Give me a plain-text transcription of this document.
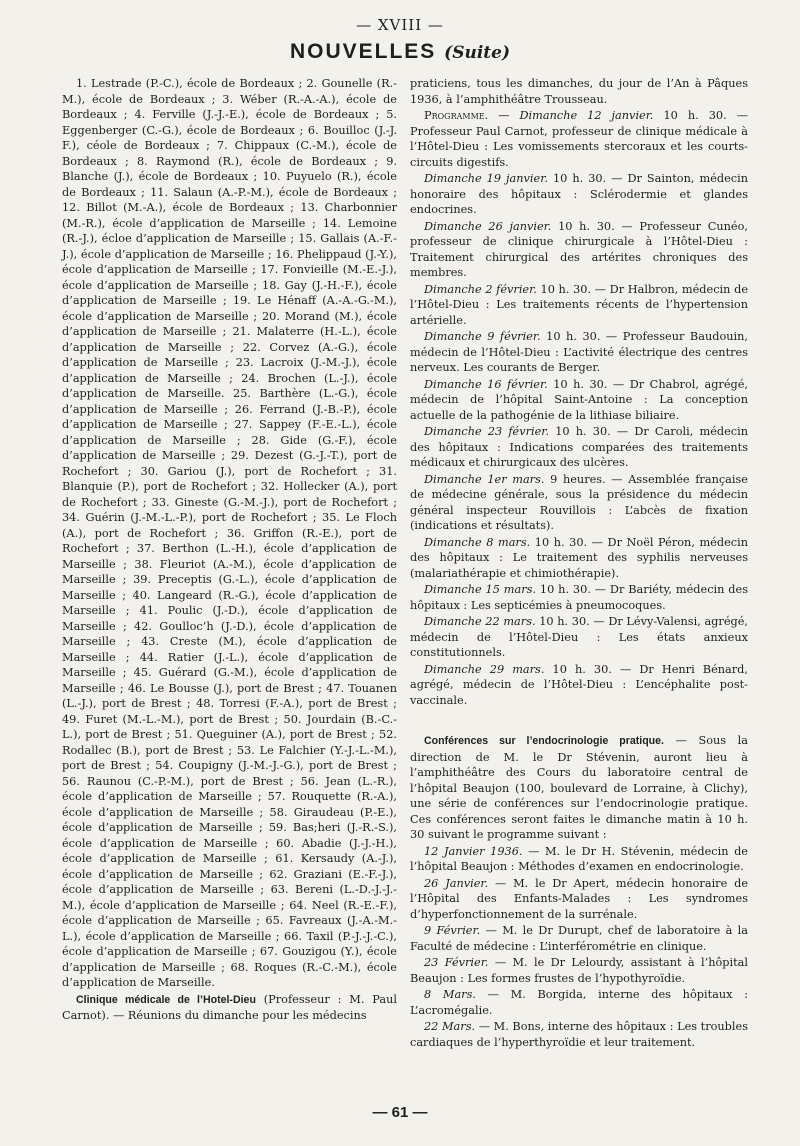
— XVIII —
NOUVELLES (Suite)

1. Lestrade (P.-C.), école de Bordeaux ; 2. Gounelle (R.-M.), école de Bordeaux ; 3. Wéber (R.-A.-A.), école de Bordeaux ; 4. Ferville (J.-J.-E.), école de Bordeaux ; 5. Eggenberger (C.-G.), école de Bordeaux ; 6. Bouilloc (J.-J. F.), céole de Bordeaux ; 7. Chippaux (C.-M.), école de Bordeaux ; 8. Raymond (R.), école de Bordeaux ; 9. Blanche (J.), école de Bordeaux ; 10. Puyuelo (R.), école de Bordeaux ; 11. Salaun (A.-P.-M.), école de Bordeaux ; 12. Billot (M.-A.), école de Bordeaux ; 13. Charbonnier (M.-R.), école d’application de Marseille ; 14. Lemoine (R.-J.), écloe d’application de Marseille ; 15. Gallais (A.-F.-J.), école d’application de Marseille ; 16. Phelippaud (J.-Y.), école d’application de Marseille ; 17. Fonvieille (M.-E.-J.), école d’application de Marseille ; 18. Gay (J.-H.-F.), école d’application de Marseille ; 19. Le Hénaff (A.-A.-G.-M.), école d’application de Marseille ; 20. Morand (M.), école d’application de Marseille ; 21. Malaterre (H.-L.), école d’application de Marseille ; 22. Corvez (A.-G.), école d’application de Marseille ; 23. Lacroix (J.-M.-J.), école d’application de Marseille ; 24. Brochen (L.-J.), école d’application de Marseille. 25. Barthère (L.-G.), école d’application de Marseille ; 26. Ferrand (J.-B.-P.), école d’application de Marseille ; 27. Sappey (F.-E.-L.), école d’application de Marseille ; 28. Gide (G.-F.), école d’application de Marseille ; 29. Dezest (G.-J.-T.), port de Rochefort ; 30. Gariou (J.), port de Rochefort ; 31. Blanquie (P.), port de Rochefort ; 32. Hollecker (A.), port de Rochefort ; 33. Gineste (G.-M.-J.), port de Rochefort ; 34. Guérin (J.-M.-L.-P.), port de Rochefort ; 35. Le Floch (A.), port de Rochefort ; 36. Griffon (R.-E.), port de Rochefort ; 37. Berthon (L.-H.), école d’application de Marseille ; 38. Fleuriot (A.-M.), école d’application de Marseille ; 39. Preceptis (G.-L.), école d’application de Marseille ; 40. Langeard (R.-G.), école d’application de Marseille ; 41. Poulic (J.-D.), école d’application de Marseille ; 42. Goulloc’h (J.-D.), école d’application de Marseille ; 43. Creste (M.), école d’application de Marseille ; 44. Ratier (J.-L.), école d’application de Marseille ; 45. Guérard (G.-M.), école d’application de Marseille ; 46. Le Bousse (J.), port de Brest ; 47. Touanen (L.-J.), port de Brest ; 48. Torresi (F.-A.), port de Brest ; 49. Furet (M.-L.-M.), port de Brest ; 50. Jourdain (B.-C.-L.), port de Brest ; 51. Queguiner (A.), port de Brest ; 52. Rodallec (B.), port de Brest ; 53. Le Falchier (Y.-J.-L.-M.), port de Brest ; 54. Coupigny (J.-M.-J.-G.), port de Brest ; 56. Raunou (C.-P.-M.), port de Brest ; 56. Jean (L.-R.), école d’application de Marseille ; 57. Rouquette (R.-A.), école d’application de Marseille ; 58. Giraudeau (P.-E.), école d’application de Marseille ; 59. Bas;heri (J.-R.-S.), école d’application de Marseille ; 60. Abadie (J.-J.-H.), école d’application de Marseille ; 61. Kersaudy (A.-J.), école d’application de Marseille ; 62. Graziani (E.-F.-J.), école d’application de Marseille ; 63. Bereni (L.-D.-J.-J.-M.), école d’application de Marseille ; 64. Neel (R.-E.-F.), école d’application de Marseille ; 65. Favreaux (J.-A.-M.-L.), école d’application de Marseille ; 66. Taxil (P.-J.-J.-C.), école d’application de Marseille ; 67. Gouzigou (Y.), école d’application de Marseille ; 68. Roques (R.-C.-M.), école d’application de Marseille.

Clinique médicale de l’Hotel-Dieu (Professeur : M. Paul Carnot). — Réunions du dimanche pour les médecins

praticiens, tous les dimanches, du jour de l’An à Pâques 1936, à l’amphithéâtre Trousseau.

Programme. — Dimanche 12 janvier. 10 h. 30. — Professeur Paul Carnot, professeur de clinique médicale à l’Hôtel-Dieu : Les vomissements stercoraux et les courts-circuits digestifs.

Dimanche 19 janvier. 10 h. 30. — Dr Sainton, médecin honoraire des hôpitaux : Sclérodermie et glandes endocrines.

Dimanche 26 janvier. 10 h. 30. — Professeur Cunéo, professeur de clinique chirurgicale à l’Hôtel-Dieu : Traitement chirurgical des artérites chroniques des membres.

Dimanche 2 février. 10 h. 30. — Dr Halbron, médecin de l’Hôtel-Dieu : Les traitements récents de l’hypertension artérielle.

Dimanche 9 février. 10 h. 30. — Professeur Baudouin, médecin de l’Hôtel-Dieu : L’activité électrique des centres nerveux. Les courants de Berger.

Dimanche 16 février. 10 h. 30. — Dr Chabrol, agrégé, médecin de l’hôpital Saint-Antoine : La conception actuelle de la pathogénie de la lithiase biliaire.

Dimanche 23 février. 10 h. 30. — Dr Caroli, médecin des hôpitaux : Indications comparées des traitements médicaux et chirurgicaux des ulcères.

Dimanche 1er mars. 9 heures. — Assemblée française de médecine générale, sous la présidence du médecin général inspecteur Rouvillois : L’abcès de fixation (indications et résultats).

Dimanche 8 mars. 10 h. 30. — Dr Noël Péron, médecin des hôpitaux : Le traitement des syphilis nerveuses (malariathérapie et chimiothérapie).

Dimanche 15 mars. 10 h. 30. — Dr Bariéty, médecin des hôpitaux : Les septicémies à pneumocoques.

Dimanche 22 mars. 10 h. 30. — Dr Lévy-Valensi, agrégé, médecin de l’Hôtel-Dieu : Les états anxieux constitutionnels.

Dimanche 29 mars. 10 h. 30. — Dr Henri Bénard, agrégé, médecin de l’Hôtel-Dieu : L’encéphalite post-vaccinale.

Conférences sur l’endocrinologie pratique. — Sous la direction de M. le Dr Stévenin, auront lieu à l’amphithéâtre des Cours du laboratoire central de l’hôpital Beaujon (100, boulevard de Lorraine, à Clichy), une série de conférences sur l’endocrinologie pratique. Ces conférences seront faites le dimanche matin à 10 h. 30 suivant le programme suivant :

12 Janvier 1936. — M. le Dr H. Stévenin, médecin de l’hôpital Beaujon : Méthodes d’examen en endocrinologie.

26 Janvier. — M. le Dr Apert, médecin honoraire de l’Hôpital des Enfants-Malades : Les syndromes d’hyperfonctionnement de la surrénale.

9 Février. — M. le Dr Durupt, chef de laboratoire à la Faculté de médecine : L’interférométrie en clinique.

23 Février. — M. le Dr Lelourdy, assistant à l’hôpital Beaujon : Les formes frustes de l’hypothyroïdie.

8 Mars. — M. Borgida, interne des hôpitaux : L’acromégalie.

22 Mars. — M. Bons, interne des hôpitaux : Les troubles cardiaques de l’hyperthyroïdie et leur traitement.

— 61 —
